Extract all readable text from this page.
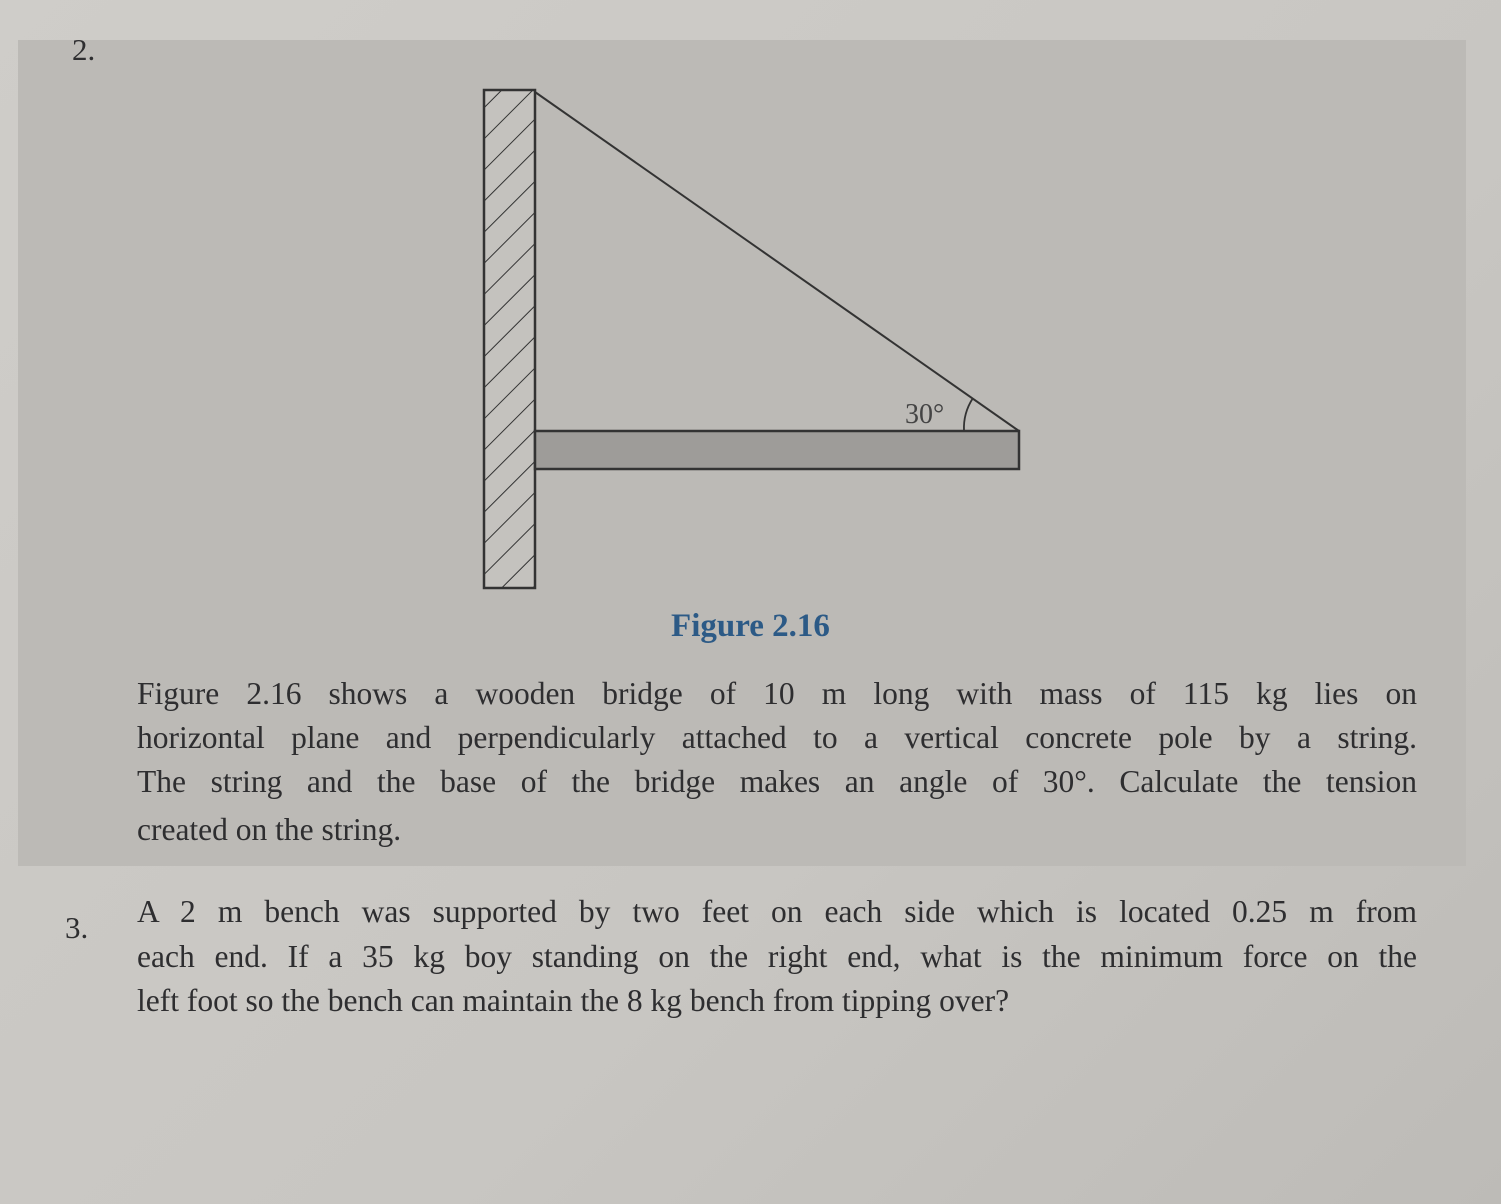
2.
30°
Figure 2.16
Figure 2.16 shows a wooden bridge of 10 m long with mass of 115 kg lies on
horizontal plane and perpendicularly attached to a vertical concrete pole by a string.
The string and the base of the bridge makes an angle of 30°. Calculate the tension
created on the string.
3. A 2 m bench was supported by two feet on each side which is located 0.25 m from
each end. If a 35 kg boy standing on the right end, what is the minimum force on the
left foot so the bench can maintain the 8 kg bench from tipping over?
